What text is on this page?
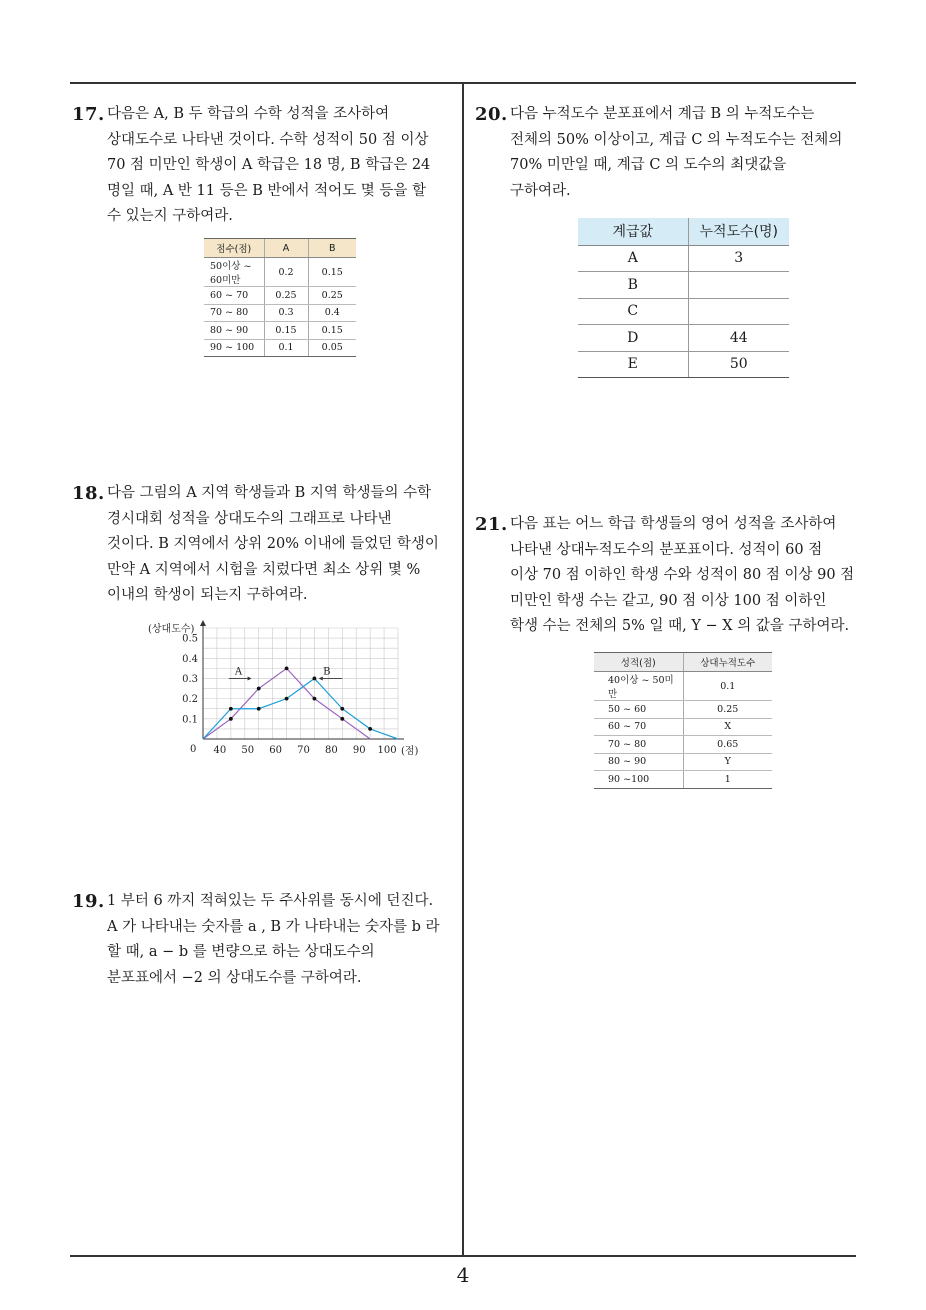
17. 다음은 A, B 두 학급의 수학 성적을 조사하여
상대도수로 나타낸 것이다. 수학 성적이 50 점 이상
70 점 미만인 학생이 A 학급은 18 명, B 학급은 24
명일 때, A 반 11 등은 B 반에서 적어도 몇 등을 할
수 있는지 구하여라.
점수(점)	A	B
50이상 ~ 60미만	0.2	0.15
60 ~ 70	0.25	0.25
70 ~ 80	0.3	0.4
80 ~ 90	0.15	0.15
90 ~ 100	0.1	0.05
18. 다음 그림의 A 지역 학생들과 B 지역 학생들의 수학
경시대회 성적을 상대도수의 그래프로 나타낸
것이다. B 지역에서 상위 20% 이내에 들었던 학생이
만약 A 지역에서 시험을 치렀다면 최소 상위 몇 %
이내의 학생이 되는지 구하여라.
0.1
0.2
0.3
0.4
0.5
40 50 60 70 80 90 100
0
(상대도수)
(점)
A	B
19. 1 부터 6 까지 적혀있는 두 주사위를 동시에 던진다.
A 가 나타내는 숫자를 a , B 가 나타내는 숫자를 b 라
할 때, a − b 를 변량으로 하는 상대도수의
분포표에서 −2 의 상대도수를 구하여라.
20. 다음 누적도수 분포표에서 계급 B 의 누적도수는
전체의 50% 이상이고, 계급 C 의 누적도수는 전체의
70% 미만일 때, 계급 C 의 도수의 최댓값을
구하여라.
계급값	누적도수(명)
A	3
B	
C	
D	44
E	50
21. 다음 표는 어느 학급 학생들의 영어 성적을 조사하여
나타낸 상대누적도수의 분포표이다. 성적이 60 점
이상 70 점 이하인 학생 수와 성적이 80 점 이상 90 점
미만인 학생 수는 같고, 90 점 이상 100 점 이하인
학생 수는 전체의 5% 일 때, Y − X 의 값을 구하여라.
성적(점)	상대누적도수
40이상 ~ 50미만	0.1
50 ~ 60	0.25
60 ~ 70	X
70 ~ 80	0.65
80 ~ 90	Y
90 ~100	1
4
